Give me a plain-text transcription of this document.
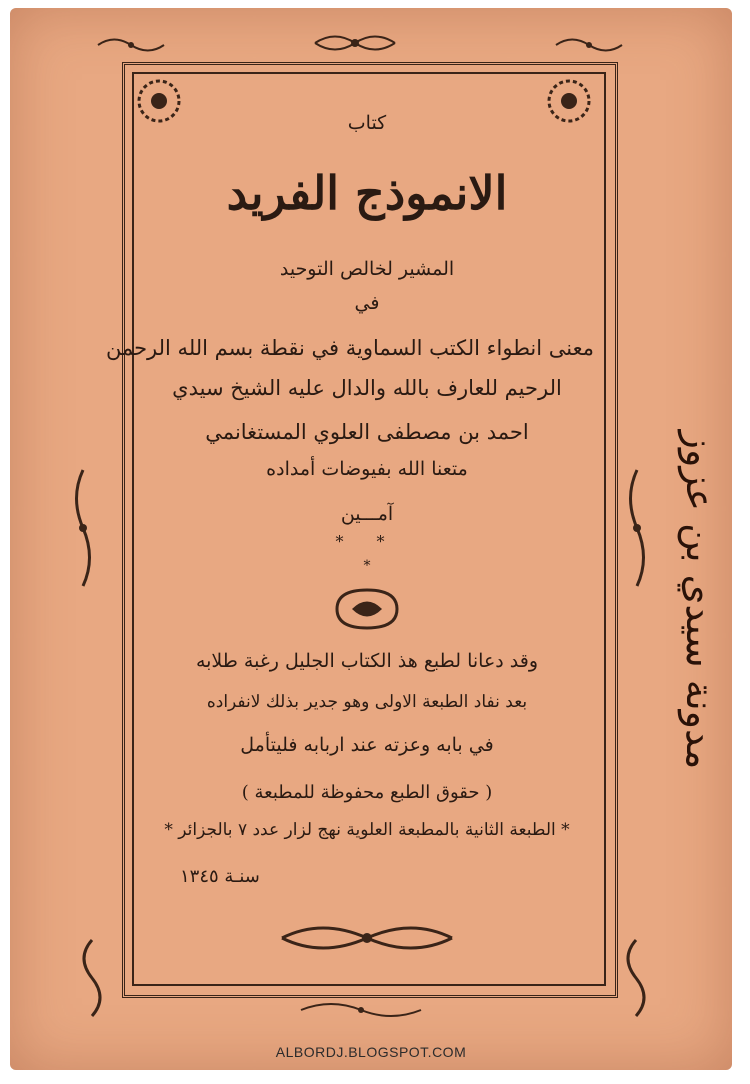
كتاب
الانموذج الفريد
المشير لخالص التوحيد
في
معنى انطواء الكتب السماوية في نقطة بسم الله الرحمن
الرحيم للعارف بالله والدال عليه الشيخ سيدي
احمد بن مصطفى العلوي المستغانمي
متعنا الله بفيوضات أمداده
آمـــين
* *
*
وقد دعانا لطبع هذ الكتاب الجليل رغبة طلابه
بعد نفاد الطبعة الاولى وهو جدير بذلك لانفراده
في بابه وعزته عند اربابه فليتأمل
( حقوق الطبع محفوظة للمطبعة )
* الطبعة الثانية بالمطبعة العلوية نهج لزار عدد ٧ بالجزائر *
سنـة ١٣٤٥
مدونة سيدي بن عزوز
ALBORDJ.BLOGSPOT.COM
